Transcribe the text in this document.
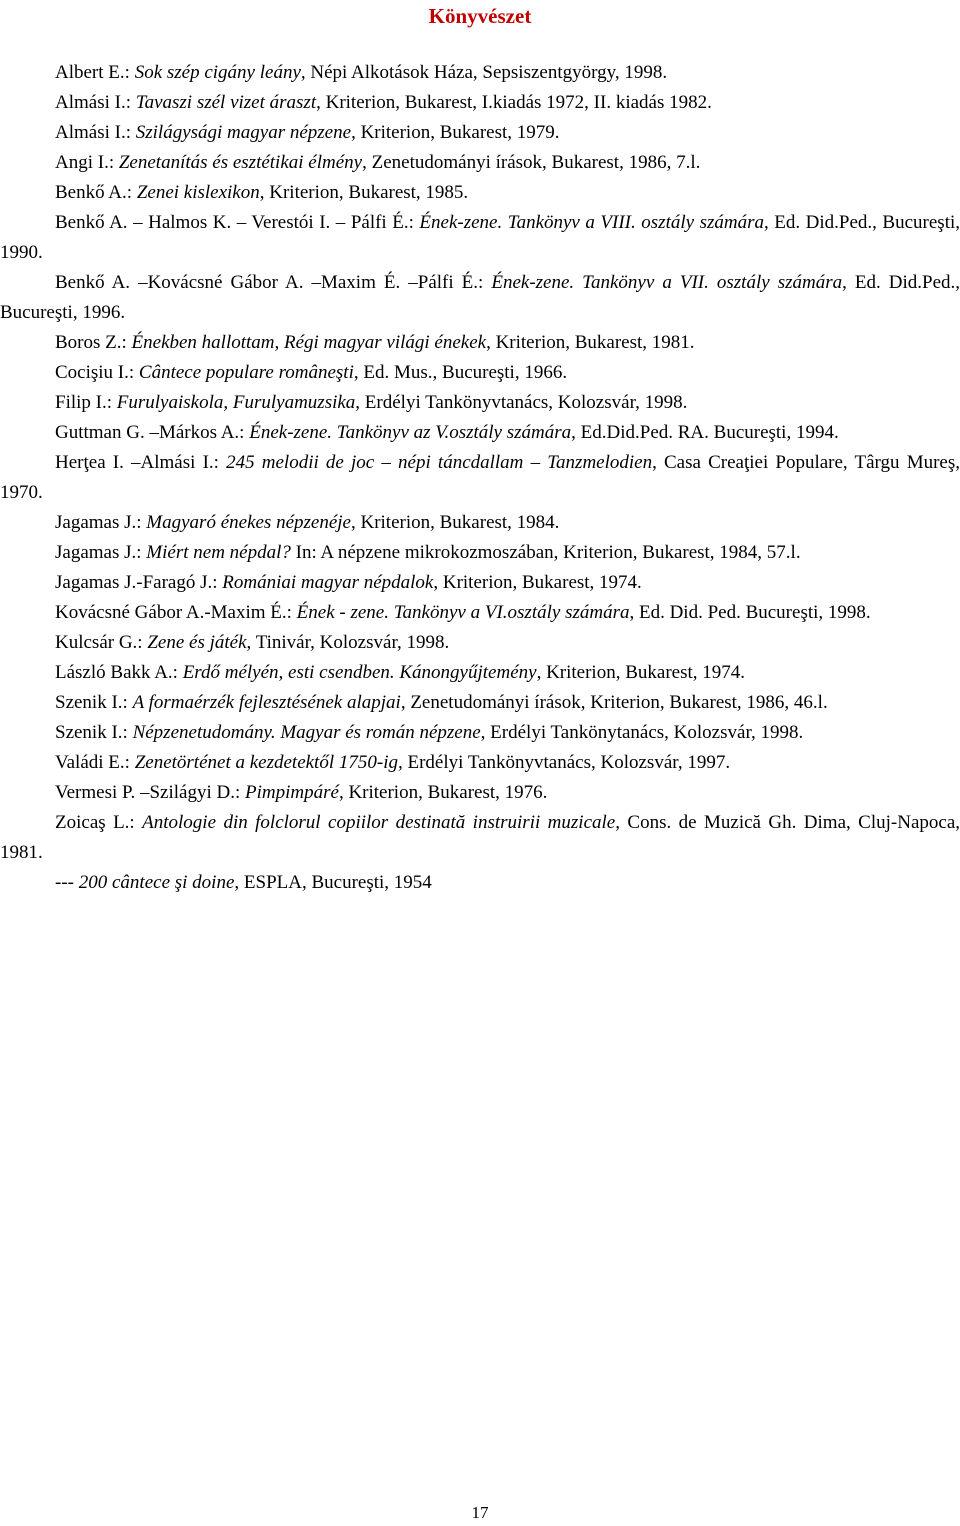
Könyvészet
Albert E.: Sok szép cigány leány, Népi Alkotások Háza, Sepsiszentgyörgy, 1998.
Almási I.: Tavaszi szél vizet áraszt, Kriterion, Bukarest, I.kiadás 1972, II. kiadás 1982.
Almási I.: Szilágysági magyar népzene, Kriterion, Bukarest, 1979.
Angi I.: Zenetanítás és esztétikai élmény, Zenetudományi írások, Bukarest, 1986, 7.l.
Benkő A.: Zenei kislexikon, Kriterion, Bukarest, 1985.
Benkő A. – Halmos K. – Verestói I. – Pálfi É.: Ének-zene. Tankönyv a VIII. osztály számára, Ed. Did.Ped., Bucureşti, 1990.
Benkő A. –Kovácsné Gábor A. –Maxim É. –Pálfi É.: Ének-zene. Tankönyv a VII. osztály számára, Ed. Did.Ped., Bucureşti, 1996.
Boros Z.: Énekben hallottam, Régi magyar világi énekek, Kriterion, Bukarest, 1981.
Cocişiu I.: Cântece populare româneşti, Ed. Mus., Bucureşti, 1966.
Filip I.: Furulyaiskola, Furulyamuzsika, Erdélyi Tankönyvtanács, Kolozsvár, 1998.
Guttman G. –Márkos A.: Ének-zene. Tankönyv az V.osztály számára, Ed.Did.Ped. RA. Bucureşti, 1994.
Herţea I. –Almási I.: 245 melodii de joc – népi táncdallam – Tanzmelodien, Casa Creaţiei Populare, Târgu Mureş, 1970.
Jagamas J.: Magyaró énekes népzenéje, Kriterion, Bukarest, 1984.
Jagamas J.: Miért nem népdal? In: A népzene mikrokozmoszában, Kriterion, Bukarest, 1984, 57.l.
Jagamas J.-Faragó J.: Romániai magyar népdalok, Kriterion, Bukarest, 1974.
Kovácsné Gábor A.-Maxim É.: Ének - zene. Tankönyv a VI.osztály számára, Ed. Did. Ped. Bucureşti, 1998.
Kulcsár G.: Zene és játék, Tinivár, Kolozsvár, 1998.
László Bakk A.: Erdő mélyén, esti csendben. Kánongyűjtemény, Kriterion, Bukarest, 1974.
Szenik I.: A formaérzék fejlesztésének alapjai, Zenetudományi írások, Kriterion, Bukarest, 1986, 46.l.
Szenik I.: Népzenetudomány. Magyar és román népzene, Erdélyi Tankönytanács, Kolozsvár, 1998.
Valádi E.: Zenetörténet a kezdetektől 1750-ig, Erdélyi Tankönyvtanács, Kolozsvár, 1997.
Vermesi P. –Szilágyi D.: Pimpimpáré, Kriterion, Bukarest, 1976.
Zoicaş L.: Antologie din folclorul copiilor destinată instruirii muzicale, Cons. de Muzică Gh. Dima, Cluj-Napoca, 1981.
--- 200 cântece şi doine, ESPLA, Bucureşti, 1954
17
